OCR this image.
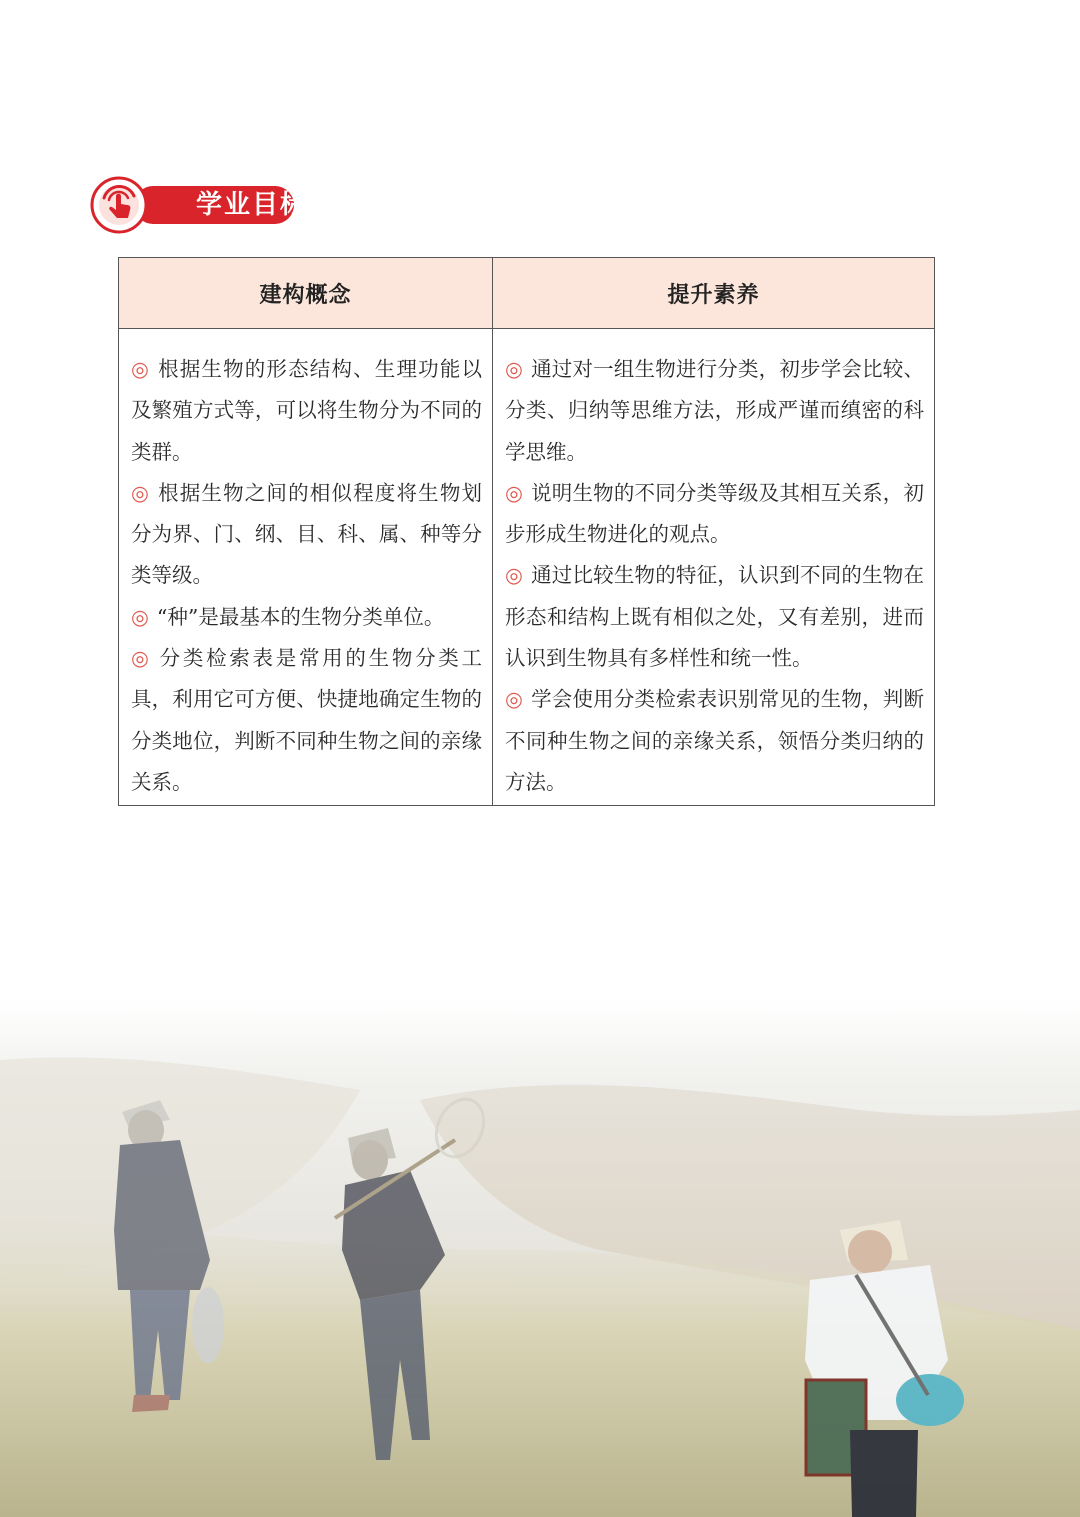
学业目标
建构概念

◎ 根据生物的形态结构、生理功能以及繁殖方式等，可以将生物分为不同的类群。

◎ 根据生物之间的相似程度将生物划分为界、门、纲、目、科、属、种等分类等级。

◎ “种”是最基本的生物分类单位。

◎ 分类检索表是常用的生物分类工具，利用它可方便、快捷地确定生物的分类地位，判断不同种生物之间的亲缘关系。

提升素养

◎ 通过对一组生物进行分类，初步学会比较、分类、归纳等思维方法，形成严谨而缜密的科学思维。

◎ 说明生物的不同分类等级及其相互关系，初步形成生物进化的观点。

◎ 通过比较生物的特征，认识到不同的生物在形态和结构上既有相似之处，又有差别，进而认识到生物具有多样性和统一性。

◎ 学会使用分类检索表识别常见的生物，判断不同种生物之间的亲缘关系，领悟分类归纳的方法。
